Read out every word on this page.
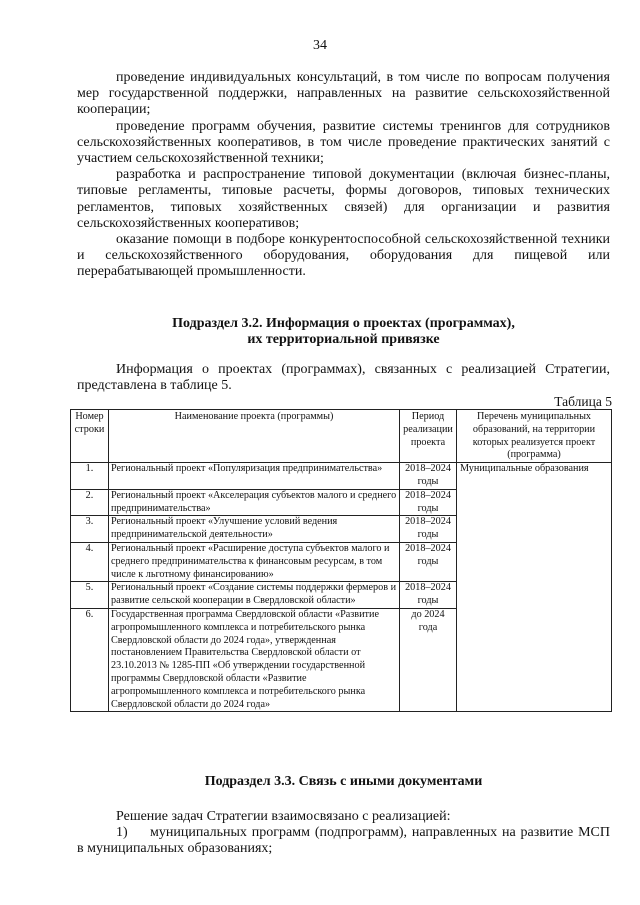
34

проведение индивидуальных консультаций, в том числе по вопросам получения мер государственной поддержки, направленных на развитие сельскохозяйственной кооперации;

проведение программ обучения, развитие системы тренингов для сотрудников сельскохозяйственных кооперативов, в том числе проведение практических занятий с участием сельскохозяйственной техники;

разработка и распространение типовой документации (включая бизнес-планы, типовые регламенты, типовые расчеты, формы договоров, типовых технических регламентов, типовых хозяйственных связей) для организации и развития сельскохозяйственных кооперативов;

оказание помощи в подборе конкурентоспособной сельскохозяйственной техники и сельскохозяйственного оборудования, оборудования для пищевой или перерабатывающей промышленности.

Подраздел 3.2. Информация о проектах (программах),

их территориальной привязке

Информация о проектах (программах), связанных с реализацией Стратегии, представлена в таблице 5.

Таблица 5
Номер строки	Наименование проекта (программы)	Период реализации проекта	Перечень муниципальных образований, на территории которых реализуется проект (программа)
1.	Региональный проект «Популяризация предпринимательства»	2018–2024 годы	Муниципальные образования
2.	Региональный проект «Акселерация субъектов малого и среднего предпринимательства»	2018–2024 годы	
3.	Региональный проект «Улучшение условий ведения предпринимательской деятельности»	2018–2024 годы	
4.	Региональный проект «Расширение доступа субъектов малого и среднего предпринимательства к финансовым ресурсам, в том числе к льготному финансированию»	2018–2024 годы	
5.	Региональный проект «Создание системы поддержки фермеров и развитие сельской кооперации в Свердловской области»	2018–2024 годы	
6.	Государственная программа Свердловской области «Развитие агропромышленного комплекса и потребительского рынка Свердловской области до 2024 года», утвержденная постановлением Правительства Свердловской области от 23.10.2013 № 1285-ПП «Об утверждении государственной программы Свердловской области «Развитие агропромышленного комплекса и потребительского рынка Свердловской области до 2024 года»	до 2024 года	

Подраздел 3.3. Связь с иными документами

Решение задач Стратегии взаимосвязано с реализацией:

1) муниципальных программ (подпрограмм), направленных на развитие МСП в муниципальных образованиях;
